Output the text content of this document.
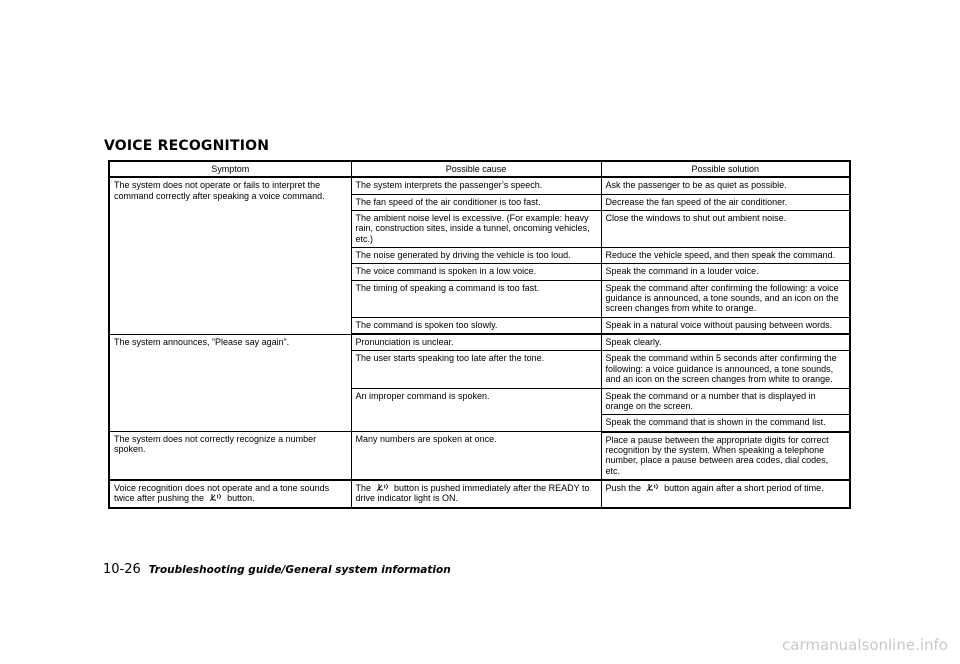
VOICE RECOGNITION
Symptom	Possible cause	Possible solution
The system does not operate or fails to interpret the command correctly after speaking a voice command.	The system interprets the passenger’s speech.	Ask the passenger to be as quiet as possible.
	The fan speed of the air conditioner is too fast.	Decrease the fan speed of the air conditioner.
	The ambient noise level is excessive. (For example: heavy rain, construction sites, inside a tunnel, oncoming vehicles, etc.)	Close the windows to shut out ambient noise.
	The noise generated by driving the vehicle is too loud.	Reduce the vehicle speed, and then speak the command.
	The voice command is spoken in a low voice.	Speak the command in a louder voice.
	The timing of speaking a command is too fast.	Speak the command after confirming the following: a voice guidance is announced, a tone sounds, and an icon on the screen changes from white to orange.
	The command is spoken too slowly.	Speak in a natural voice without pausing between words.
The system announces, ”Please say again”.	Pronunciation is unclear.	Speak clearly.
	The user starts speaking too late after the tone.	Speak the command within 5 seconds after confirming the following: a voice guidance is announced, a tone sounds, and an icon on the screen changes from white to orange.
	An improper command is spoken.	Speak the command or a number that is displayed in orange on the screen.
		Speak the command that is shown in the command list.
The system does not correctly recognize a number spoken.	Many numbers are spoken at once.	Place a pause between the appropriate digits for correct recognition by the system. When speaking a telephone number, place a pause between area codes, dial codes, etc.
Voice recognition does not operate and a tone sounds twice after pushing the button.	The button is pushed immediately after the READY to drive indicator light is ON.	Push the button again after a short period of time.
10-26 Troubleshooting guide/General system information
carmanualsonline.info
